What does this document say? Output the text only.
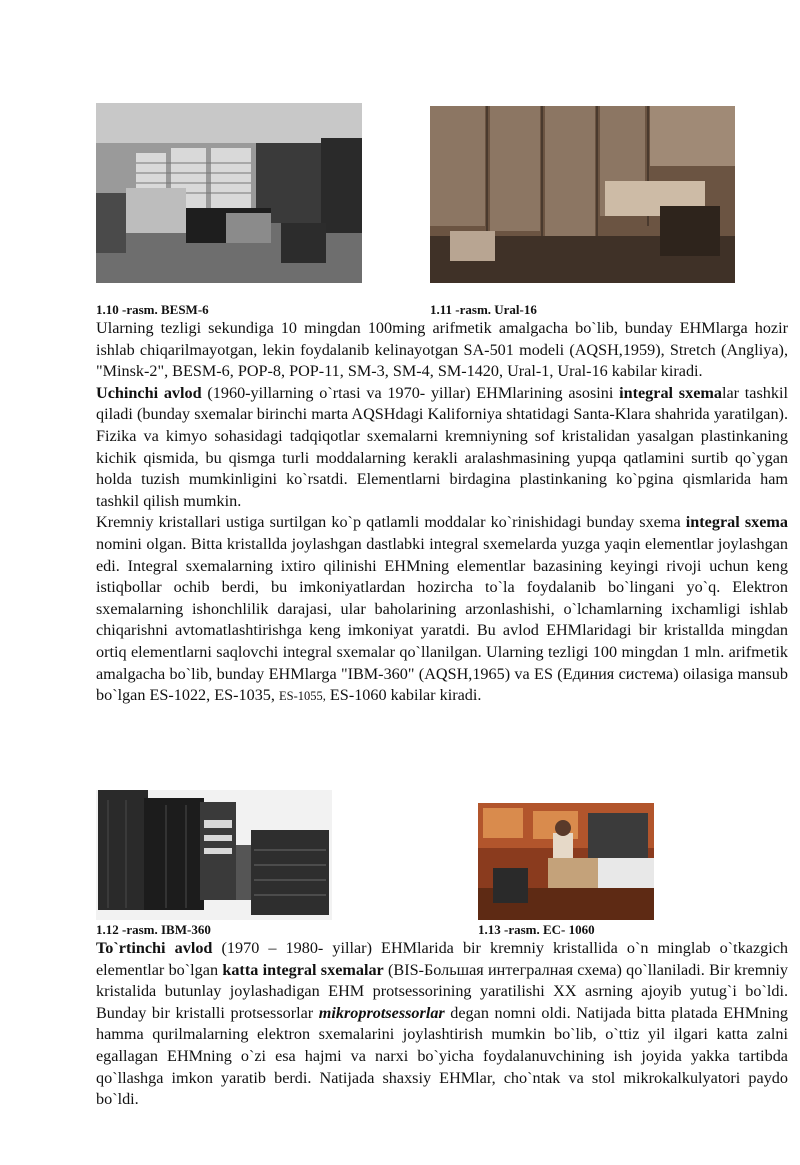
1.10 -rasm. BESM-6	1.11 -rasm. Ural-16

Ularning tezligi sekundiga 10 mingdan 100ming arifmetik amalgacha bo`lib, bunday EHMlarga hozir ishlab chiqarilmayotgan, lekin foydalanib kelinayotgan SA-501 modeli (AQSH,1959), Stretch (Angliya), "Minsk-2", BESM-6, POP-8, POP-11, SM-3, SM-4, SM-1420, Ural-1, Ural-16 kabilar kiradi.

Uchinchi avlod (1960-yillarning o`rtasi va 1970- yillar) EHMlarining asosini integral sxemalar tashkil qiladi (bunday sxemalar birinchi marta AQSHdagi Kaliforniya shtatidagi Santa-Klara shahrida yaratilgan). Fizika va kimyo sohasidagi tadqiqotlar sxemalarni kremniyning sof kristalidan yasalgan plastinkaning kichik qismida, bu qismga turli moddalarning kerakli aralashmasining yupqa qatlamini surtib qo`ygan holda tuzish mumkinligini ko`rsatdi. Elementlarni birdagina plastinkaning ko`pgina qismlarida ham tashkil qilish mumkin.

Kremniy kristallari ustiga surtilgan ko`p qatlamli moddalar ko`rinishidagi bunday sxema integral sxema nomini olgan. Bitta kristallda joylashgan dastlabki integral sxemelarda yuzga yaqin elementlar joylashgan edi. Integral sxemalarning ixtiro qilinishi EHMning elementlar bazasining keyingi rivoji uchun keng istiqbollar ochib berdi, bu imkoniyatlardan hozircha to`la foydalanib bo`lingani yo`q. Elektron sxemalarning ishonchlilik darajasi, ular baholarining arzonlashishi, o`lchamlarning ixchamligi ishlab chiqarishni avtomatlashtirishga keng imkoniyat yaratdi. Bu avlod EHMlaridagi bir kristallda mingdan ortiq elementlarni saqlovchi integral sxemalar qo`llanilgan. Ularning tezligi 100 mingdan 1 mln. arifmetik amalgacha bo`lib, bunday EHMlarga "IBM-360" (AQSH,1965) va ES (Единия система) oilasiga mansub bo`lgan ES-1022, ES-1035, ES-1055, ES-1060 kabilar kiradi.

1.12 -rasm. IBM-360	1.13 -rasm. EC- 1060

To`rtinchi avlod (1970 – 1980- yillar) EHMlarida bir kremniy kristallida o`n minglab o`tkazgich elementlar bo`lgan katta integral sxemalar (BIS-Большая интегралная схема) qo`llaniladi. Bir kremniy kristalida butunlay joylashadigan EHM protsessorining yaratilishi XX asrning ajoyib yutug`i bo`ldi. Bunday bir kristalli protsessorlar mikroprotsessorlar degan nomni oldi. Natijada bitta platada EHMning hamma qurilmalarning elektron sxemalarini joylashtirish mumkin bo`lib, o`ttiz yil ilgari katta zalni egallagan EHMning o`zi esa hajmi va narxi bo`yicha foydalanuvchining ish joyida yakka tartibda qo`llashga imkon yaratib berdi. Natijada shaxsiy EHMlar, cho`ntak va stol mikrokalkulyatori paydo bo`ldi.
